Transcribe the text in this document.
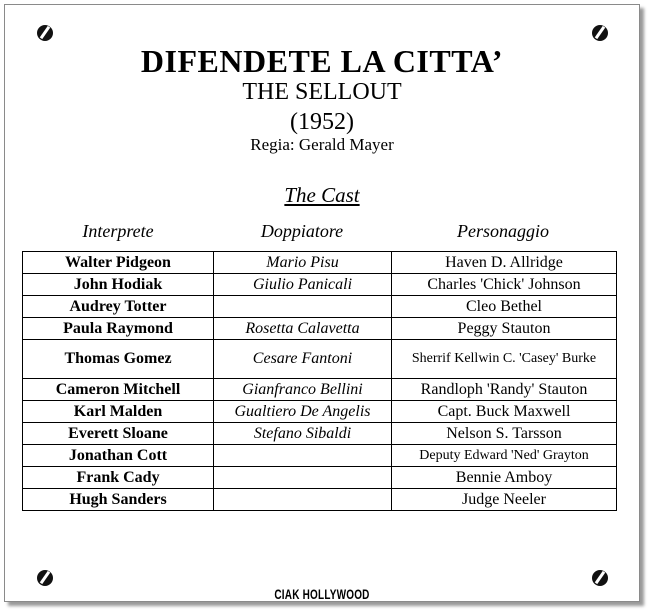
DIFENDETE LA CITTA’
THE SELLOUT
(1952)
Regia: Gerald Mayer
The Cast
Interprete	Doppiatore	Personaggio
Walter Pidgeon	Mario Pisu	Haven D. Allridge
John Hodiak	Giulio Panicali	Charles 'Chick' Johnson
Audrey Totter		Cleo Bethel
Paula Raymond	Rosetta Calavetta	Peggy Stauton
Thomas Gomez	Cesare Fantoni	Sherrif Kellwin C. 'Casey' Burke
Cameron Mitchell	Gianfranco Bellini	Randloph 'Randy' Stauton
Karl Malden	Gualtiero De Angelis	Capt. Buck Maxwell
Everett Sloane	Stefano Sibaldi	Nelson S. Tarsson
Jonathan Cott		Deputy Edward 'Ned' Grayton
Frank Cady		Bennie Amboy
Hugh Sanders		Judge Neeler
CIAK HOLLYWOOD
